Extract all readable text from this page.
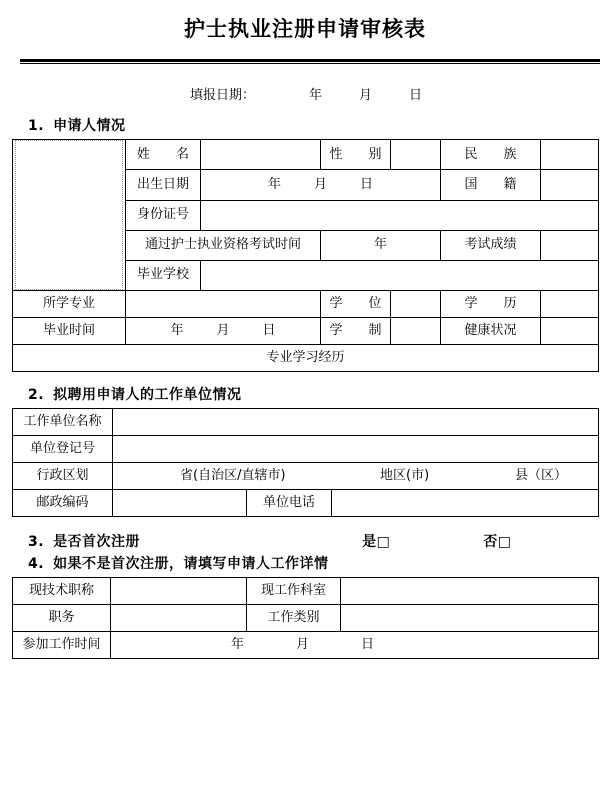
护士执业注册申请审核表
填报日期：	年	月	日
1. 申请人情况
	姓　　名		性　　别		民　　族	
	出生日期	年 月 日			国　　籍	
	身份证号					
	通过护士执业资格考试时间		年		考试成绩	
	毕业学校					
所学专业			学　　位		学　　历	
毕业时间	年 月 日		学　　制		健康状况	
专业学习经历						
2. 拟聘用申请人的工作单位情况
工作单位名称			
单位登记号			
行政区划	省(自治区/直辖市) 地区(市) 县（区）		

邮政编码		单位电话	
3. 是否首次注册	是□	否□
4. 如果不是首次注册，请填写申请人工作详情
现技术职称		现工作科室	
职务		工作类别	
参加工作时间	年 月 日		
